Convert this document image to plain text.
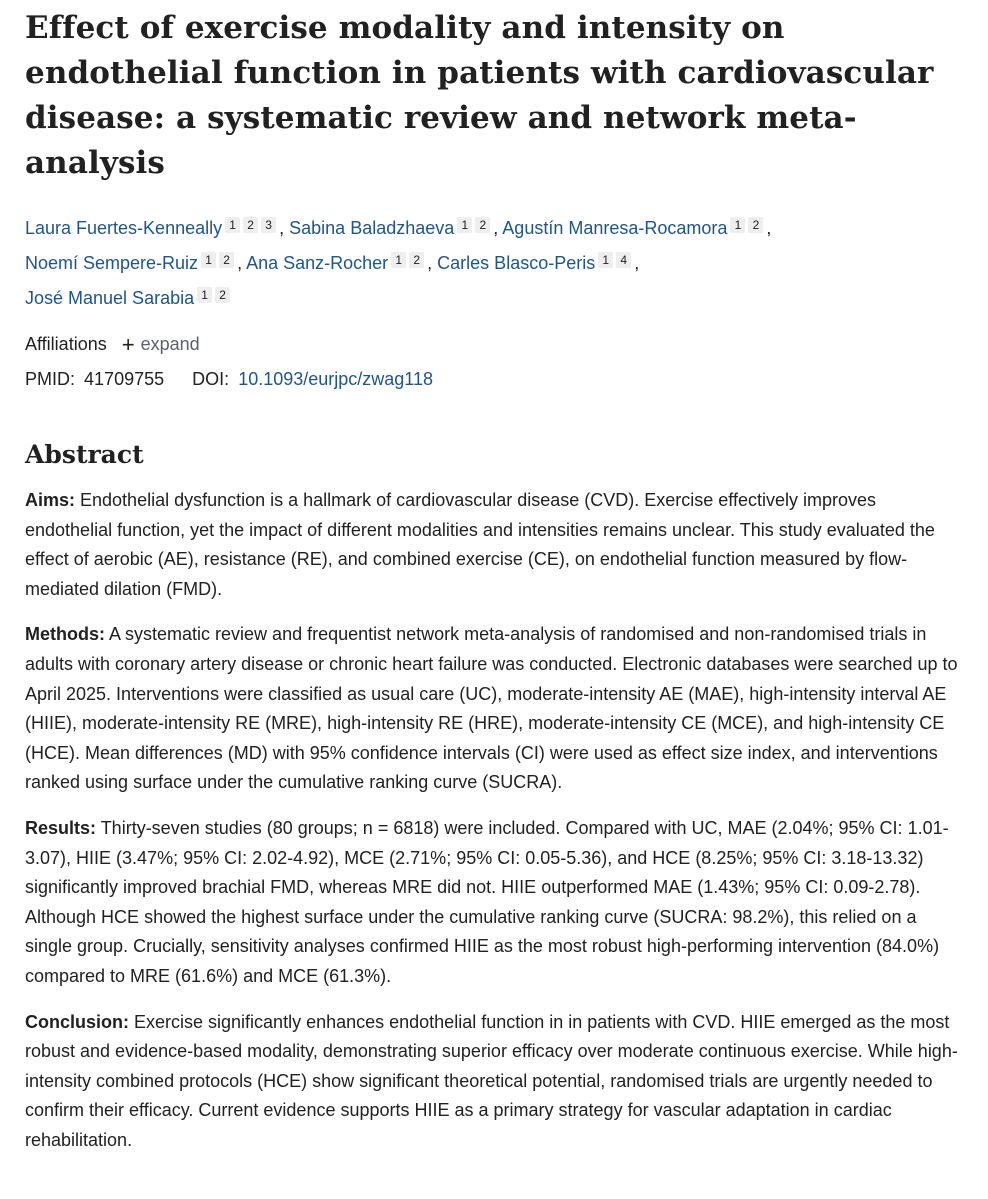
Effect of exercise modality and intensity on endothelial function in patients with cardiovascular disease: a systematic review and network meta-analysis
Laura Fuertes-Kenneally 1 2 3 , Sabina Baladzhaeva 1 2 , Agustín Manresa-Rocamora 1 2 ,
Noemí Sempere-Ruiz 1 2 , Ana Sanz-Rocher 1 2 , Carles Blasco-Peris 1 4 ,
José Manuel Sarabia 1 2
Affiliations + expand
PMID: 41709755 DOI: 10.1093/eurjpc/zwag118
Abstract

Aims: Endothelial dysfunction is a hallmark of cardiovascular disease (CVD). Exercise effectively improves endothelial function, yet the impact of different modalities and intensities remains unclear. This study evaluated the effect of aerobic (AE), resistance (RE), and combined exercise (CE), on endothelial function measured by flow-mediated dilation (FMD).

Methods: A systematic review and frequentist network meta-analysis of randomised and non-randomised trials in adults with coronary artery disease or chronic heart failure was conducted. Electronic databases were searched up to April 2025. Interventions were classified as usual care (UC), moderate-intensity AE (MAE), high-intensity interval AE (HIIE), moderate-intensity RE (MRE), high-intensity RE (HRE), moderate-intensity CE (MCE), and high-intensity CE (HCE). Mean differences (MD) with 95% confidence intervals (CI) were used as effect size index, and interventions ranked using surface under the cumulative ranking curve (SUCRA).

Results: Thirty-seven studies (80 groups; n = 6818) were included. Compared with UC, MAE (2.04%; 95% CI: 1.01-3.07), HIIE (3.47%; 95% CI: 2.02-4.92), MCE (2.71%; 95% CI: 0.05-5.36), and HCE (8.25%; 95% CI: 3.18-13.32) significantly improved brachial FMD, whereas MRE did not. HIIE outperformed MAE (1.43%; 95% CI: 0.09-2.78). Although HCE showed the highest surface under the cumulative ranking curve (SUCRA: 98.2%), this relied on a single group. Crucially, sensitivity analyses confirmed HIIE as the most robust high-performing intervention (84.0%) compared to MRE (61.6%) and MCE (61.3%).

Conclusion: Exercise significantly enhances endothelial function in in patients with CVD. HIIE emerged as the most robust and evidence-based modality, demonstrating superior efficacy over moderate continuous exercise. While high-intensity combined protocols (HCE) show significant theoretical potential, randomised trials are urgently needed to confirm their efficacy. Current evidence supports HIIE as a primary strategy for vascular adaptation in cardiac rehabilitation.
